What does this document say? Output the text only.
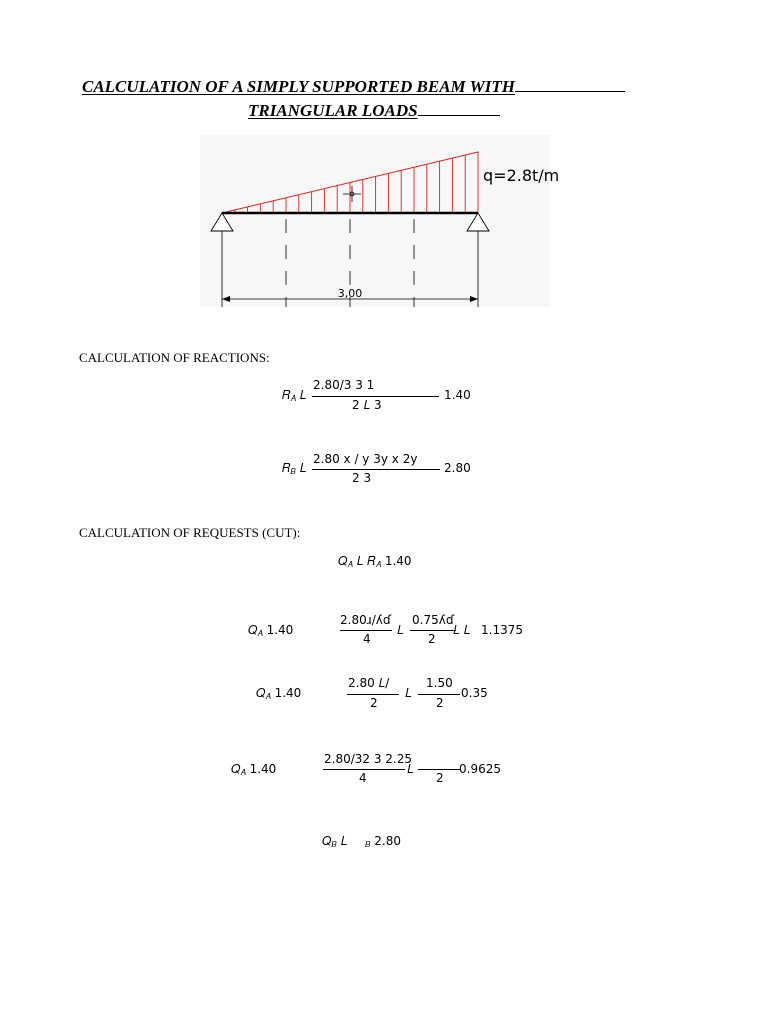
CALCULATION OF A SIMPLY SUPPORTED BEAM WITH
TRIANGULAR LOADS
3,00
q=2.8t/m
CALCULATION OF REACTIONS:
𝑅$_𝐴$ 𝐿
2.80/3 3 1
2 𝐿 3
1.40
𝑅$_𝐵$ 𝐿
2.80 x / y 3y x 2y
2 3
2.80
CALCULATION OF REQUESTS (CUT):
𝑄$_𝐴$ 𝐿 𝑅$_𝐴$ 1.40
𝑄$_𝐴$ 1.40
2.80ɹ/ʎɗ
4
𝐿
0.75ʎɗ
2
𝐿 𝐿 1.1375
𝑄$_𝐴$ 1.40
2.80 𝐿/
2
𝐿
1.50
2
0.35
𝑄$_𝐴$ 1.40
2.80/32 3 2.25
4
𝐿
2
0.9625
𝑄$_𝐵$ 𝐿 $_𝐵$ 2.80
